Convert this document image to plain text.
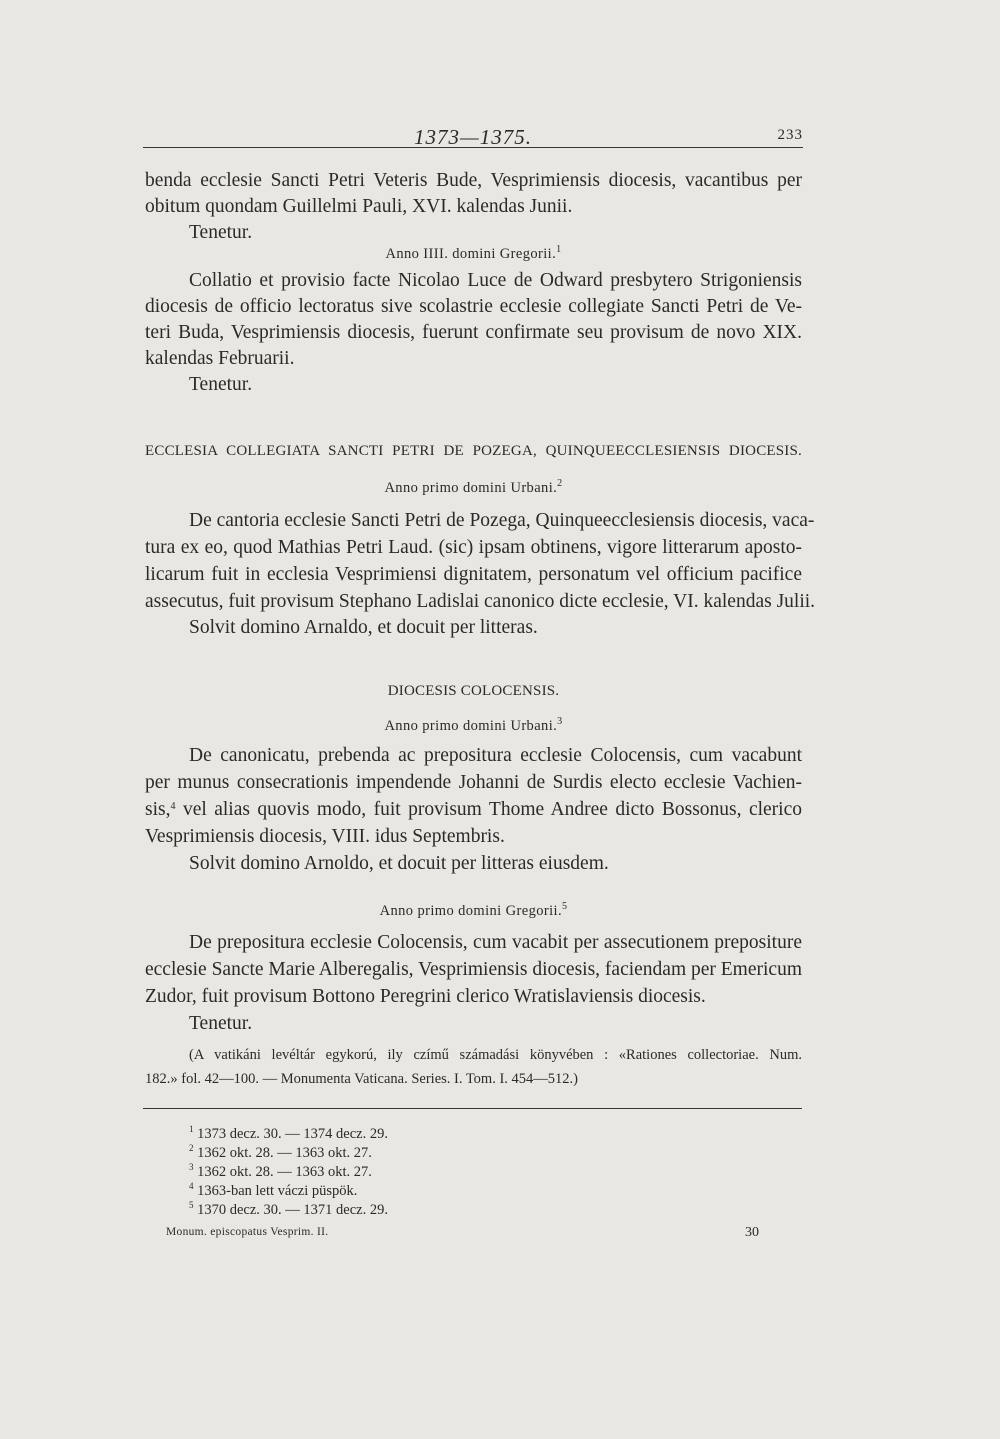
1373—1375.	233
benda ecclesie Sancti Petri Veteris Bude, Vesprimiensis diocesis, vacantibus per
obitum quondam Guillelmi Pauli, XVI. kalendas Junii.
Tenetur.
Anno IIII. domini Gregorii.$^1$
Collatio et provisio facte Nicolao Luce de Odward presbytero Strigoniensis
diocesis de officio lectoratus sive scolastrie ecclesie collegiate Sancti Petri de Ve-
teri Buda, Vesprimiensis diocesis, fuerunt confirmate seu provisum de novo XIX.
kalendas Februarii.
Tenetur.
ECCLESIA COLLEGIATA SANCTI PETRI DE POZEGA, QUINQUEECCLESIENSIS DIOCESIS.
Anno primo domini Urbani.$^2$
De cantoria ecclesie Sancti Petri de Pozega, Quinqueecclesiensis diocesis, vaca-
tura ex eo, quod Mathias Petri Laud. (sic) ipsam obtinens, vigore litterarum aposto-
licarum fuit in ecclesia Vesprimiensi dignitatem, personatum vel officium pacifice
assecutus, fuit provisum Stephano Ladislai canonico dicte ecclesie, VI. kalendas Julii.
Solvit domino Arnaldo, et docuit per litteras.
DIOCESIS COLOCENSIS.
Anno primo domini Urbani.$^3$
De canonicatu, prebenda ac prepositura ecclesie Colocensis, cum vacabunt
per munus consecrationis impendende Johanni de Surdis electo ecclesie Vachien-
sis,$^4$ vel alias quovis modo, fuit provisum Thome Andree dicto Bossonus, clerico
Vesprimiensis diocesis, VIII. idus Septembris.
Solvit domino Arnoldo, et docuit per litteras eiusdem.
Anno primo domini Gregorii.$^5$
De prepositura ecclesie Colocensis, cum vacabit per assecutionem prepositure
ecclesie Sancte Marie Alberegalis, Vesprimiensis diocesis, faciendam per Emericum
Zudor, fuit provisum Bottono Peregrini clerico Wratislaviensis diocesis.
Tenetur.
(A vatikáni levéltár egykorú, ily czímű számadási könyvében : «Rationes collectoriae. Num.
182.» fol. 42—100. — Monumenta Vaticana. Series. I. Tom. I. 454—512.)
$^1$ 1373 decz. 30. — 1374 decz. 29.
$^2$ 1362 okt. 28. — 1363 okt. 27.
$^3$ 1362 okt. 28. — 1363 okt. 27.
$^4$ 1363-ban lett váczi püspök.
$^5$ 1370 decz. 30. — 1371 decz. 29.
Monum. episcopatus Vesprim. II.	30
